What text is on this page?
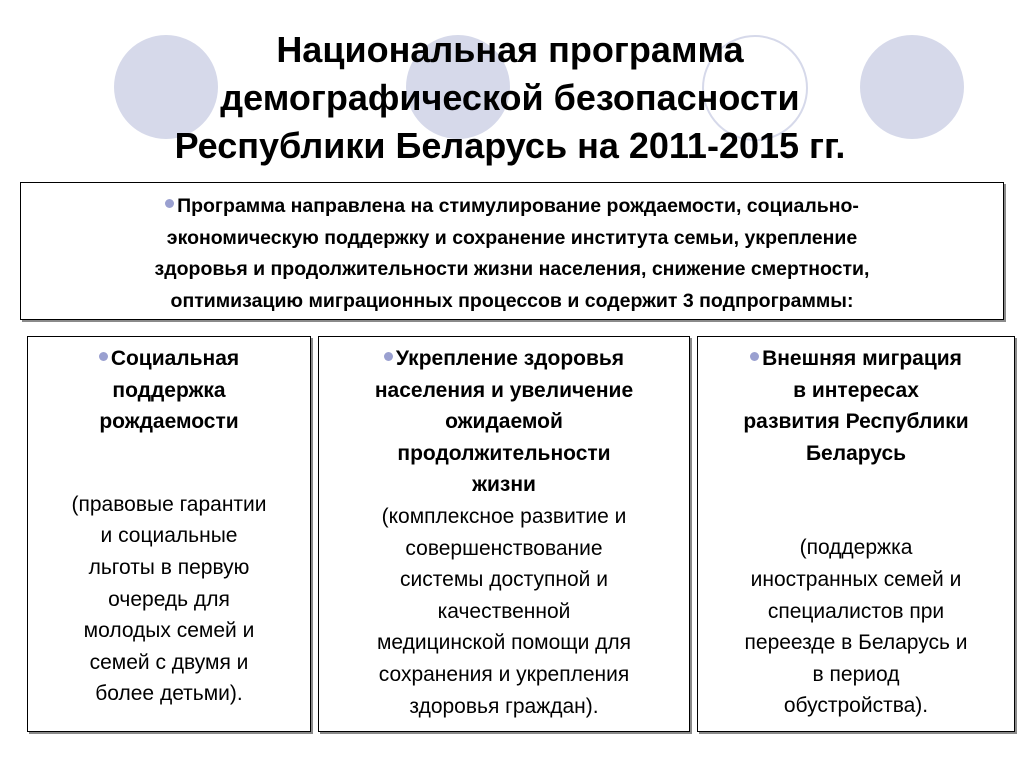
Национальная программа
демографической безопасности
Республики Беларусь на 2011-2015 гг.
Программа направлена на стимулирование рождаемости, социально-
экономическую поддержку и сохранение института семьи, укрепление
здоровья и продолжительности жизни населения, снижение смертности,
оптимизацию миграционных процессов и содержит 3 подпрограммы:
Социальная
поддержка
рождаемости
(правовые гарантии
и социальные
льготы в первую
очередь для
молодых семей и
семей с двумя и
более детьми).
Укрепление здоровья
населения и увеличение
ожидаемой
продолжительности
жизни
(комплексное развитие и
совершенствование
системы доступной и
качественной
медицинской помощи для
сохранения и укрепления
здоровья граждан).
Внешняя миграция
в интересах
развития Республики
Беларусь
(поддержка
иностранных семей и
специалистов при
переезде в Беларусь и
в период
обустройства).
